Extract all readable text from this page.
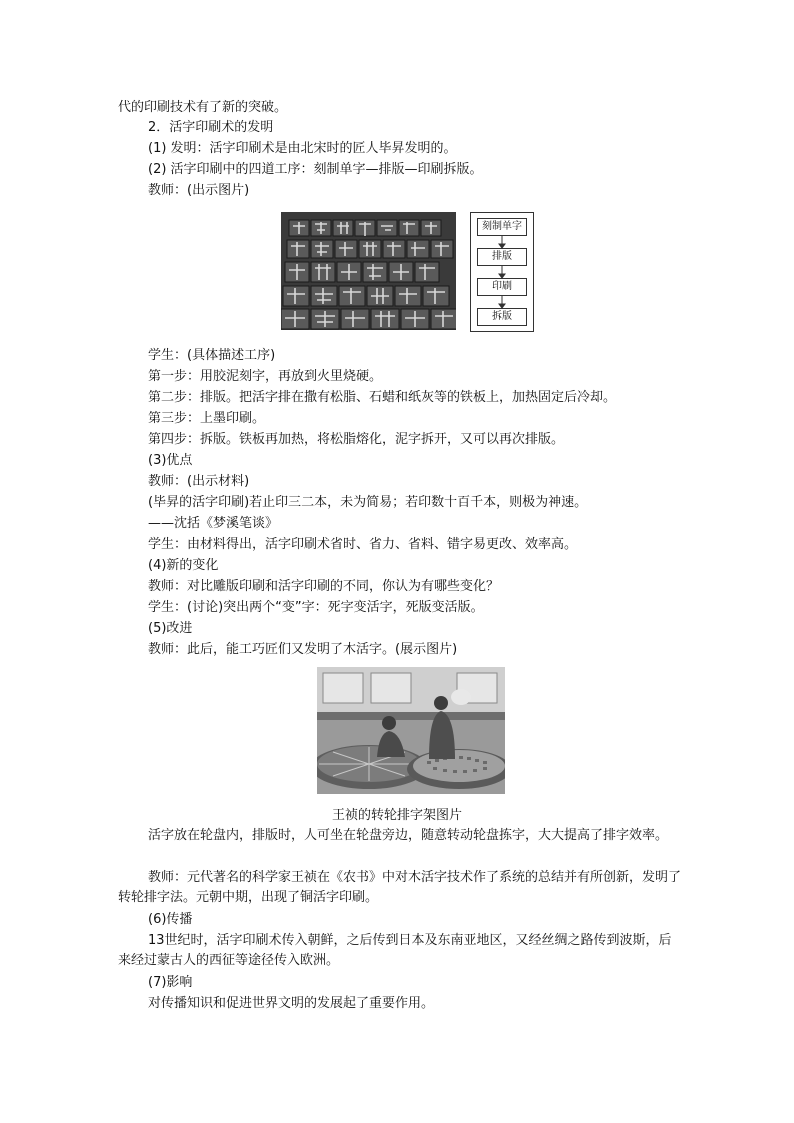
代的印刷技术有了新的突破。
2．活字印刷术的发明
(1) 发明：活字印刷术是由北宋时的匠人毕昇发明的。
(2) 活字印刷中的四道工序：刻制单字—排版—印刷拆版。
教师：(出示图片)
刻制单字
排版
印刷
拆版
学生：(具体描述工序)
第一步：用胶泥刻字，再放到火里烧硬。
第二步：排版。把活字排在撒有松脂、石蜡和纸灰等的铁板上，加热固定后冷却。
第三步：上墨印刷。
第四步：拆版。铁板再加热，将松脂熔化，泥字拆开，又可以再次排版。
(3)优点
教师：(出示材料)
(毕昇的活字印刷)若止印三二本，未为简易；若印数十百千本，则极为神速。
——沈括《梦溪笔谈》
学生：由材料得出，活字印刷术省时、省力、省料、错字易更改、效率高。
(4)新的变化
教师：对比雕版印刷和活字印刷的不同，你认为有哪些变化？
学生：(讨论)突出两个“变”字：死字变活字，死版变活版。
(5)改进
教师：此后，能工巧匠们又发明了木活字。(展示图片)
王祯的转轮排字架图片
活字放在轮盘内，排版时，人可坐在轮盘旁边，随意转动轮盘拣字，大大提高了排字效率。
教师：元代著名的科学家王祯在《农书》中对木活字技术作了系统的总结并有所创新，发明了转轮排字法。元朝中期，出现了铜活字印刷。
(6)传播
13世纪时，活字印刷术传入朝鲜，之后传到日本及东南亚地区，又经丝绸之路传到波斯，后来经过蒙古人的西征等途径传入欧洲。
(7)影响
对传播知识和促进世界文明的发展起了重要作用。
